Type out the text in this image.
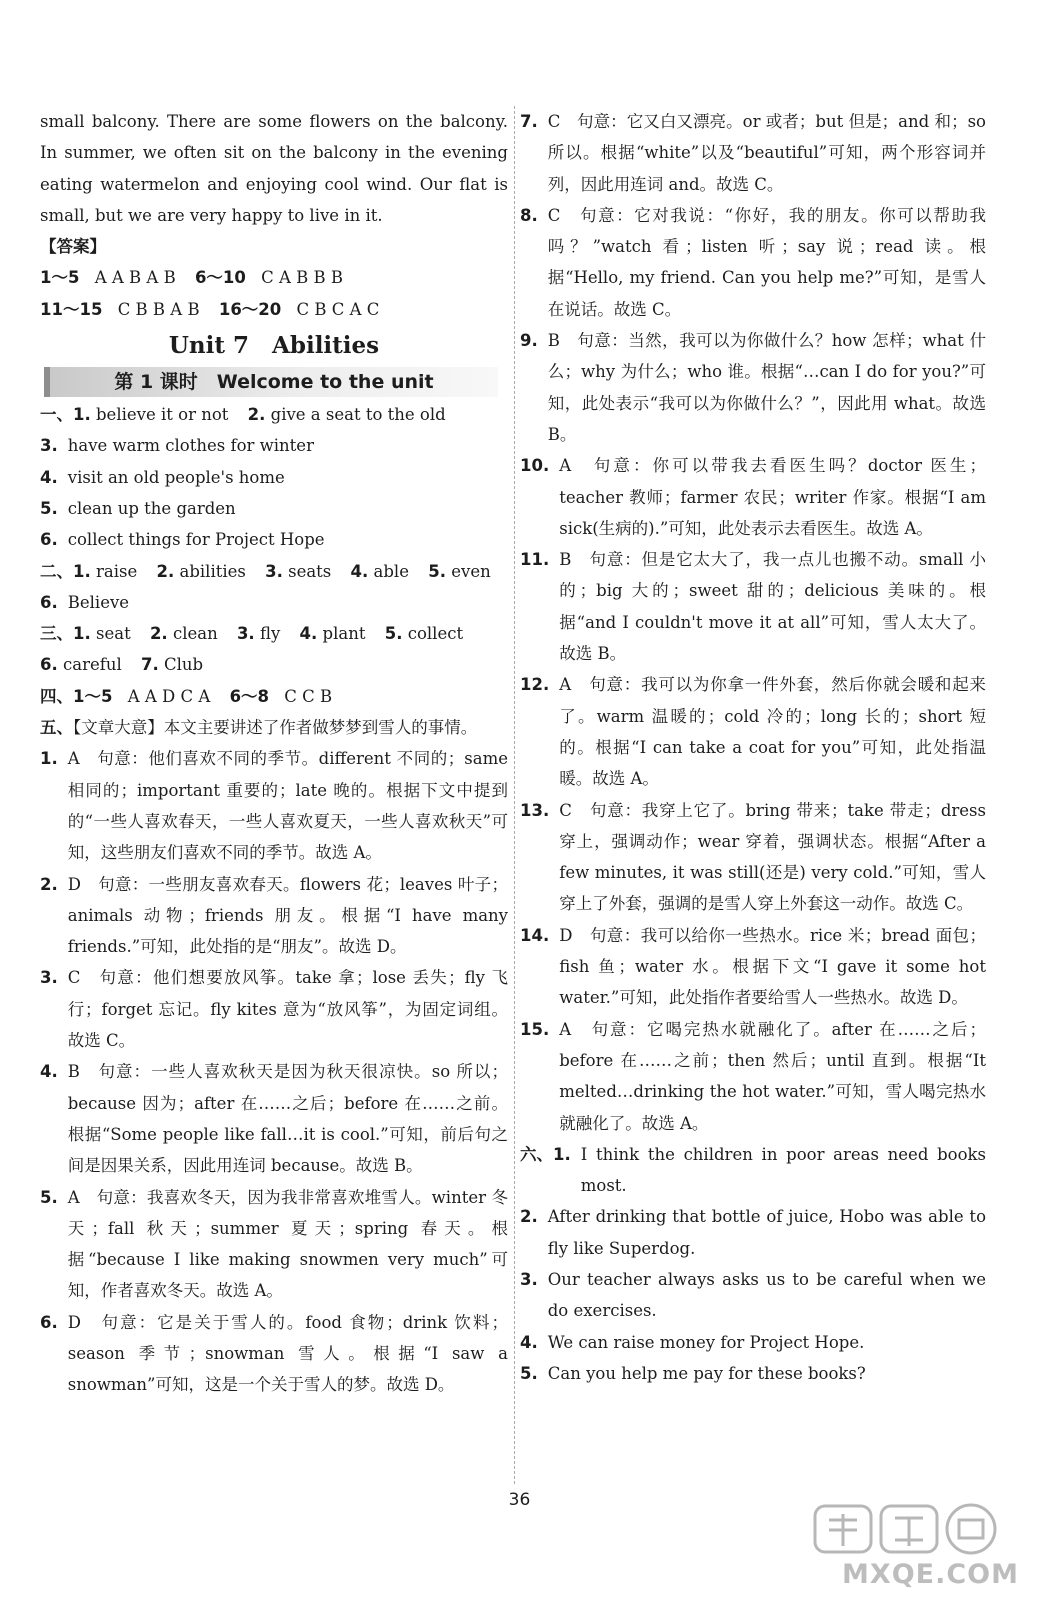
small balcony. There are some flowers on the balcony. In summer, we often sit on the balcony in the evening eating watermelon and enjoying cool wind. Our flat is small, but we are very happy to live in it.

【答案】
1～5 A A B A B 6～10 C A B B B
11～15 C B B A B 16～20 C B C A C
Unit 7　Abilities
第 1 课时　Welcome to the unit
一、1. believe it or not 2. give a seat to the old
3. have warm clothes for winter
4. visit an old people's home
5. clean up the garden
6. collect things for Project Hope
二、1. raise 2. abilities 3. seats 4. able 5. even
6. Believe
三、1. seat 2. clean 3. fly 4. plant 5. collect
6. careful 7. Club
四、1～5 A A D C A 6～8 C C B
五、【文章大意】本文主要讲述了作者做梦梦到雪人的事情。
1. A　句意：他们喜欢不同的季节。different 不同的；same 相同的；important 重要的；late 晚的。根据下文中提到的“一些人喜欢春天，一些人喜欢夏天，一些人喜欢秋天”可知，这些朋友们喜欢不同的季节。故选 A。
2. D　句意：一些朋友喜欢春天。flowers 花；leaves 叶子；animals 动物；friends 朋友。根据“I have many friends.”可知，此处指的是“朋友”。故选 D。
3. C　句意：他们想要放风筝。take 拿；lose 丢失；fly 飞行；forget 忘记。fly kites 意为“放风筝”，为固定词组。故选 C。
4. B　句意：一些人喜欢秋天是因为秋天很凉快。so 所以；because 因为；after 在……之后；before 在……之前。根据“Some people like fall…it is cool.”可知，前后句之间是因果关系，因此用连词 because。故选 B。
5. A　句意：我喜欢冬天，因为我非常喜欢堆雪人。winter 冬天；fall 秋天；summer 夏天；spring 春天。根据“because I like making snowmen very much”可知，作者喜欢冬天。故选 A。
6. D　句意：它是关于雪人的。food 食物；drink 饮料；season 季节；snowman 雪人。根据“I saw a snowman”可知，这是一个关于雪人的梦。故选 D。
7. C　句意：它又白又漂亮。or 或者；but 但是；and 和；so 所以。根据“white”以及“beautiful”可知，两个形容词并列，因此用连词 and。故选 C。
8. C　句意：它对我说：“你好，我的朋友。你可以帮助我吗？”watch 看；listen 听；say 说；read 读。根据“Hello, my friend. Can you help me?”可知，是雪人在说话。故选 C。
9. B　句意：当然，我可以为你做什么？how 怎样；what 什么；why 为什么；who 谁。根据“…can I do for you?”可知，此处表示“我可以为你做什么？”，因此用 what。故选 B。
10. A　句意：你可以带我去看医生吗？doctor 医生；teacher 教师；farmer 农民；writer 作家。根据“I am sick(生病的).”可知，此处表示去看医生。故选 A。
11. B　句意：但是它太大了，我一点儿也搬不动。small 小的；big 大的；sweet 甜的；delicious 美味的。根据“and I couldn't move it at all”可知，雪人太大了。故选 B。
12. A　句意：我可以为你拿一件外套，然后你就会暖和起来了。warm 温暖的；cold 冷的；long 长的；short 短的。根据“I can take a coat for you”可知，此处指温暖。故选 A。
13. C　句意：我穿上它了。bring 带来；take 带走；dress 穿上，强调动作；wear 穿着，强调状态。根据“After a few minutes, it was still(还是) very cold.”可知，雪人穿上了外套，强调的是雪人穿上外套这一动作。故选 C。
14. D　句意：我可以给你一些热水。rice 米；bread 面包；fish 鱼；water 水。根据下文“I gave it some hot water.”可知，此处指作者要给雪人一些热水。故选 D。
15. A　句意：它喝完热水就融化了。after 在……之后；before 在……之前；then 然后；until 直到。根据“It melted…drinking the hot water.”可知，雪人喝完热水就融化了。故选 A。
六、1. I think the children in poor areas need books most.
2. After drinking that bottle of juice, Hobo was able to fly like Superdog.
3. Our teacher always asks us to be careful when we do exercises.
4. We can raise money for Project Hope.
5. Can you help me pay for these books?
36
MXQE.COM
